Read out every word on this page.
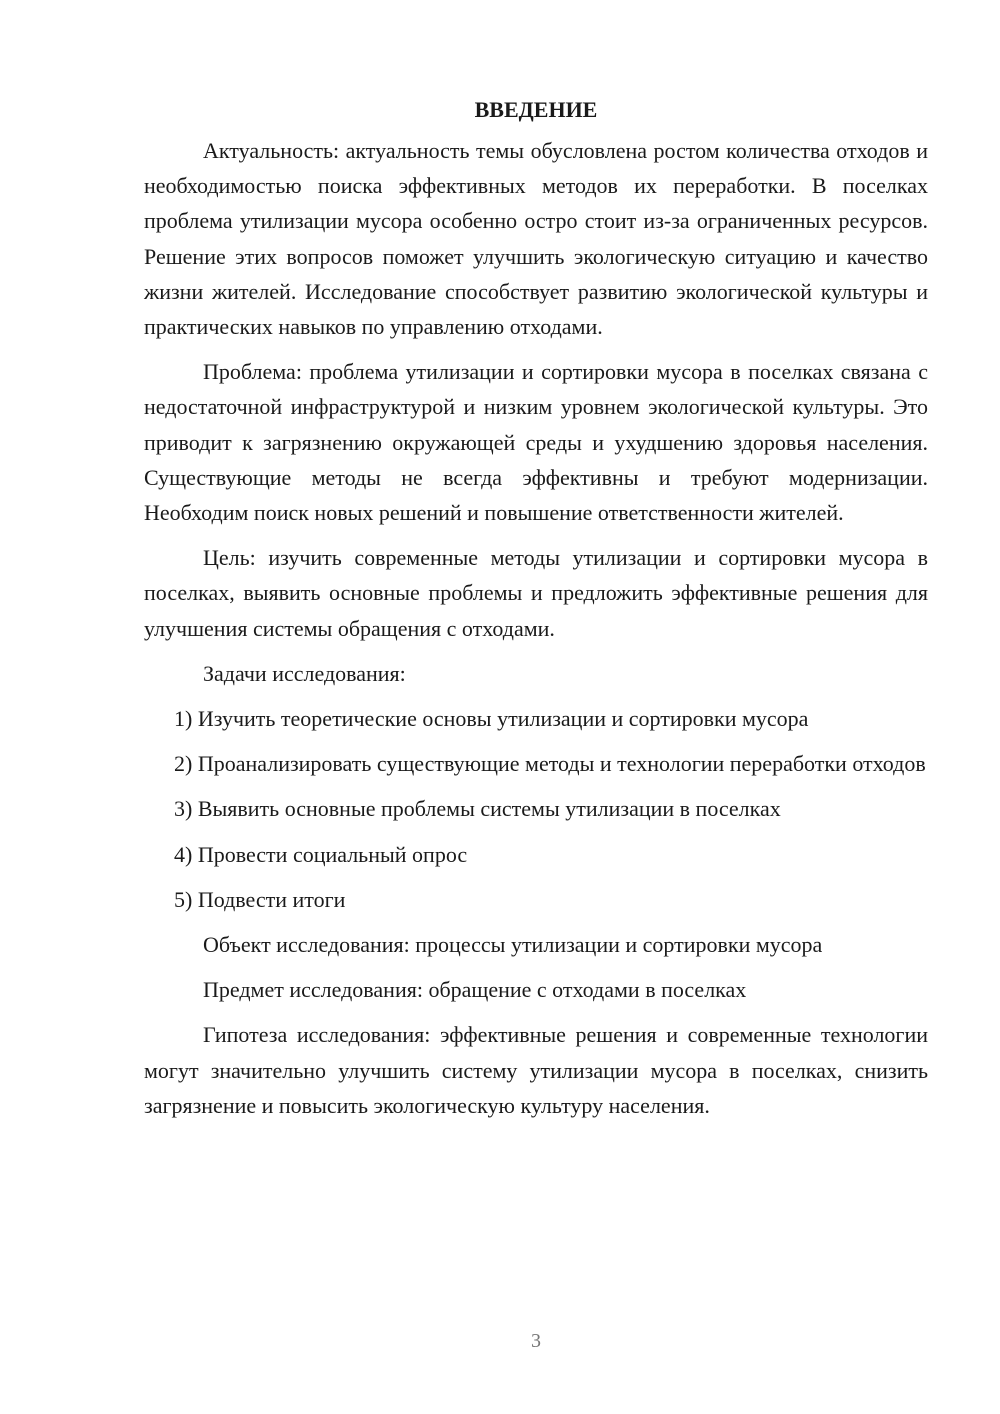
ВВЕДЕНИЕ

Актуальность: актуальность темы обусловлена ростом количества отходов и необходимостью поиска эффективных методов их переработки. В поселках проблема утилизации мусора особенно остро стоит из-за ограниченных ресурсов. Решение этих вопросов поможет улучшить экологическую ситуацию и качество жизни жителей. Исследование способствует развитию экологической культуры и практических навыков по управлению отходами.

Проблема: проблема утилизации и сортировки мусора в поселках связана с недостаточной инфраструктурой и низким уровнем экологической культуры. Это приводит к загрязнению окружающей среды и ухудшению здоровья населения. Существующие методы не всегда эффективны и требуют модернизации. Необходим поиск новых решений и повышение ответственности жителей.

Цель: изучить современные методы утилизации и сортировки мусора в поселках, выявить основные проблемы и предложить эффективные решения для улучшения системы обращения с отходами.

Задачи исследования:

1) Изучить теоретические основы утилизации и сортировки мусора

2) Проанализировать существующие методы и технологии переработки отходов

3) Выявить основные проблемы системы утилизации в поселках

4) Провести социальный опрос

5) Подвести итоги

Объект исследования: процессы утилизации и сортировки мусора

Предмет исследования: обращение с отходами в поселках

Гипотеза исследования: эффективные решения и современные технологии могут значительно улучшить систему утилизации мусора в поселках, снизить загрязнение и повысить экологическую культуру населения.

3
